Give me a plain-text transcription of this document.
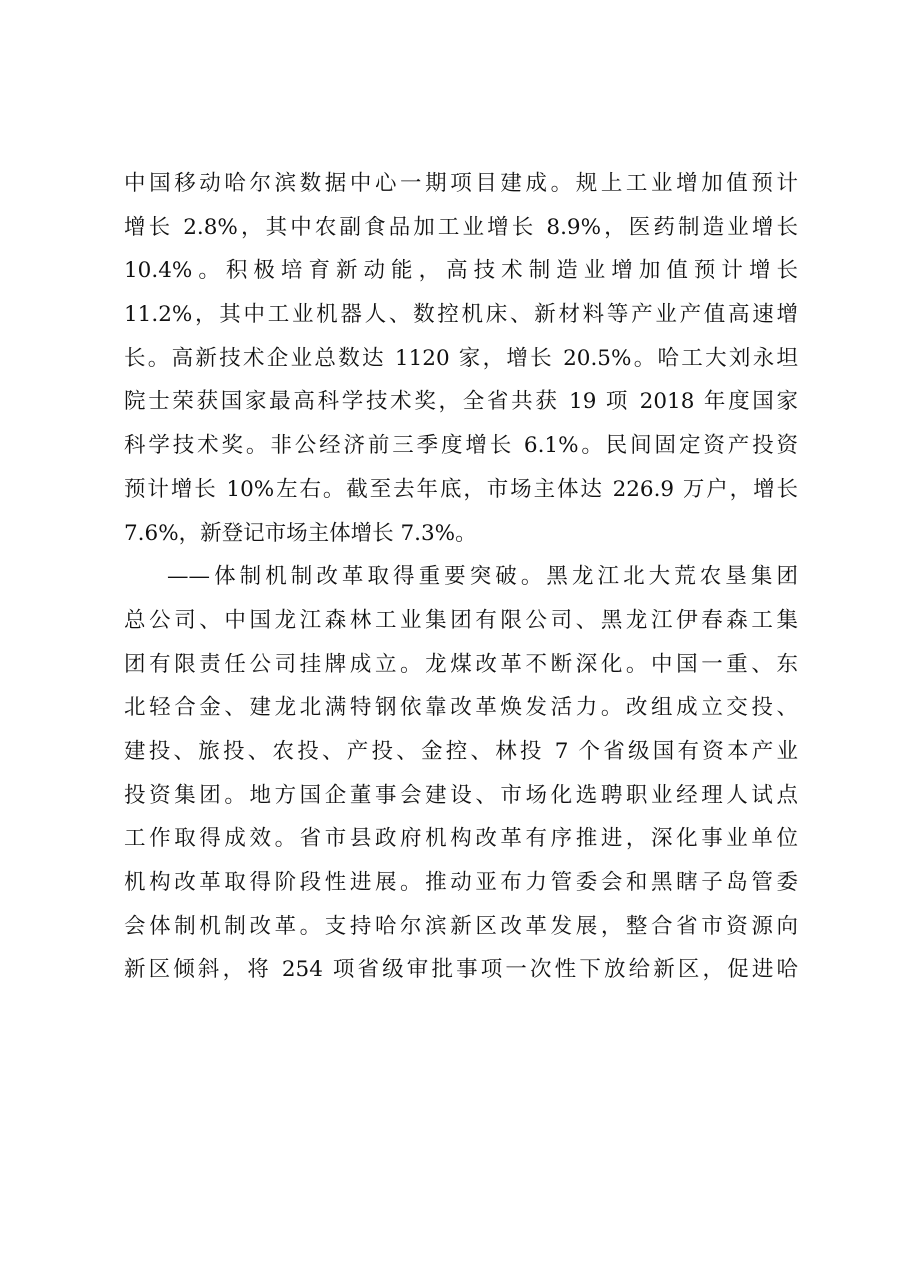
中国移动哈尔滨数据中心一期项目建成。规上工业增加值预计
增长 2.8%，其中农副食品加工业增长 8.9%，医药制造业增长
10.4%。积极培育新动能，高技术制造业增加值预计增长
11.2%，其中工业机器人、数控机床、新材料等产业产值高速增
长。高新技术企业总数达 1120 家，增长 20.5%。哈工大刘永坦
院士荣获国家最高科学技术奖，全省共获 19 项 2018 年度国家
科学技术奖。非公经济前三季度增长 6.1%。民间固定资产投资
预计增长 10%左右。截至去年底，市场主体达 226.9 万户，增长
7.6%，新登记市场主体增长 7.3%。
——体制机制改革取得重要突破。黑龙江北大荒农垦集团
总公司、中国龙江森林工业集团有限公司、黑龙江伊春森工集
团有限责任公司挂牌成立。龙煤改革不断深化。中国一重、东
北轻合金、建龙北满特钢依靠改革焕发活力。改组成立交投、
建投、旅投、农投、产投、金控、林投 7 个省级国有资本产业
投资集团。地方国企董事会建设、市场化选聘职业经理人试点
工作取得成效。省市县政府机构改革有序推进，深化事业单位
机构改革取得阶段性进展。推动亚布力管委会和黑瞎子岛管委
会体制机制改革。支持哈尔滨新区改革发展，整合省市资源向
新区倾斜，将 254 项省级审批事项一次性下放给新区，促进哈
